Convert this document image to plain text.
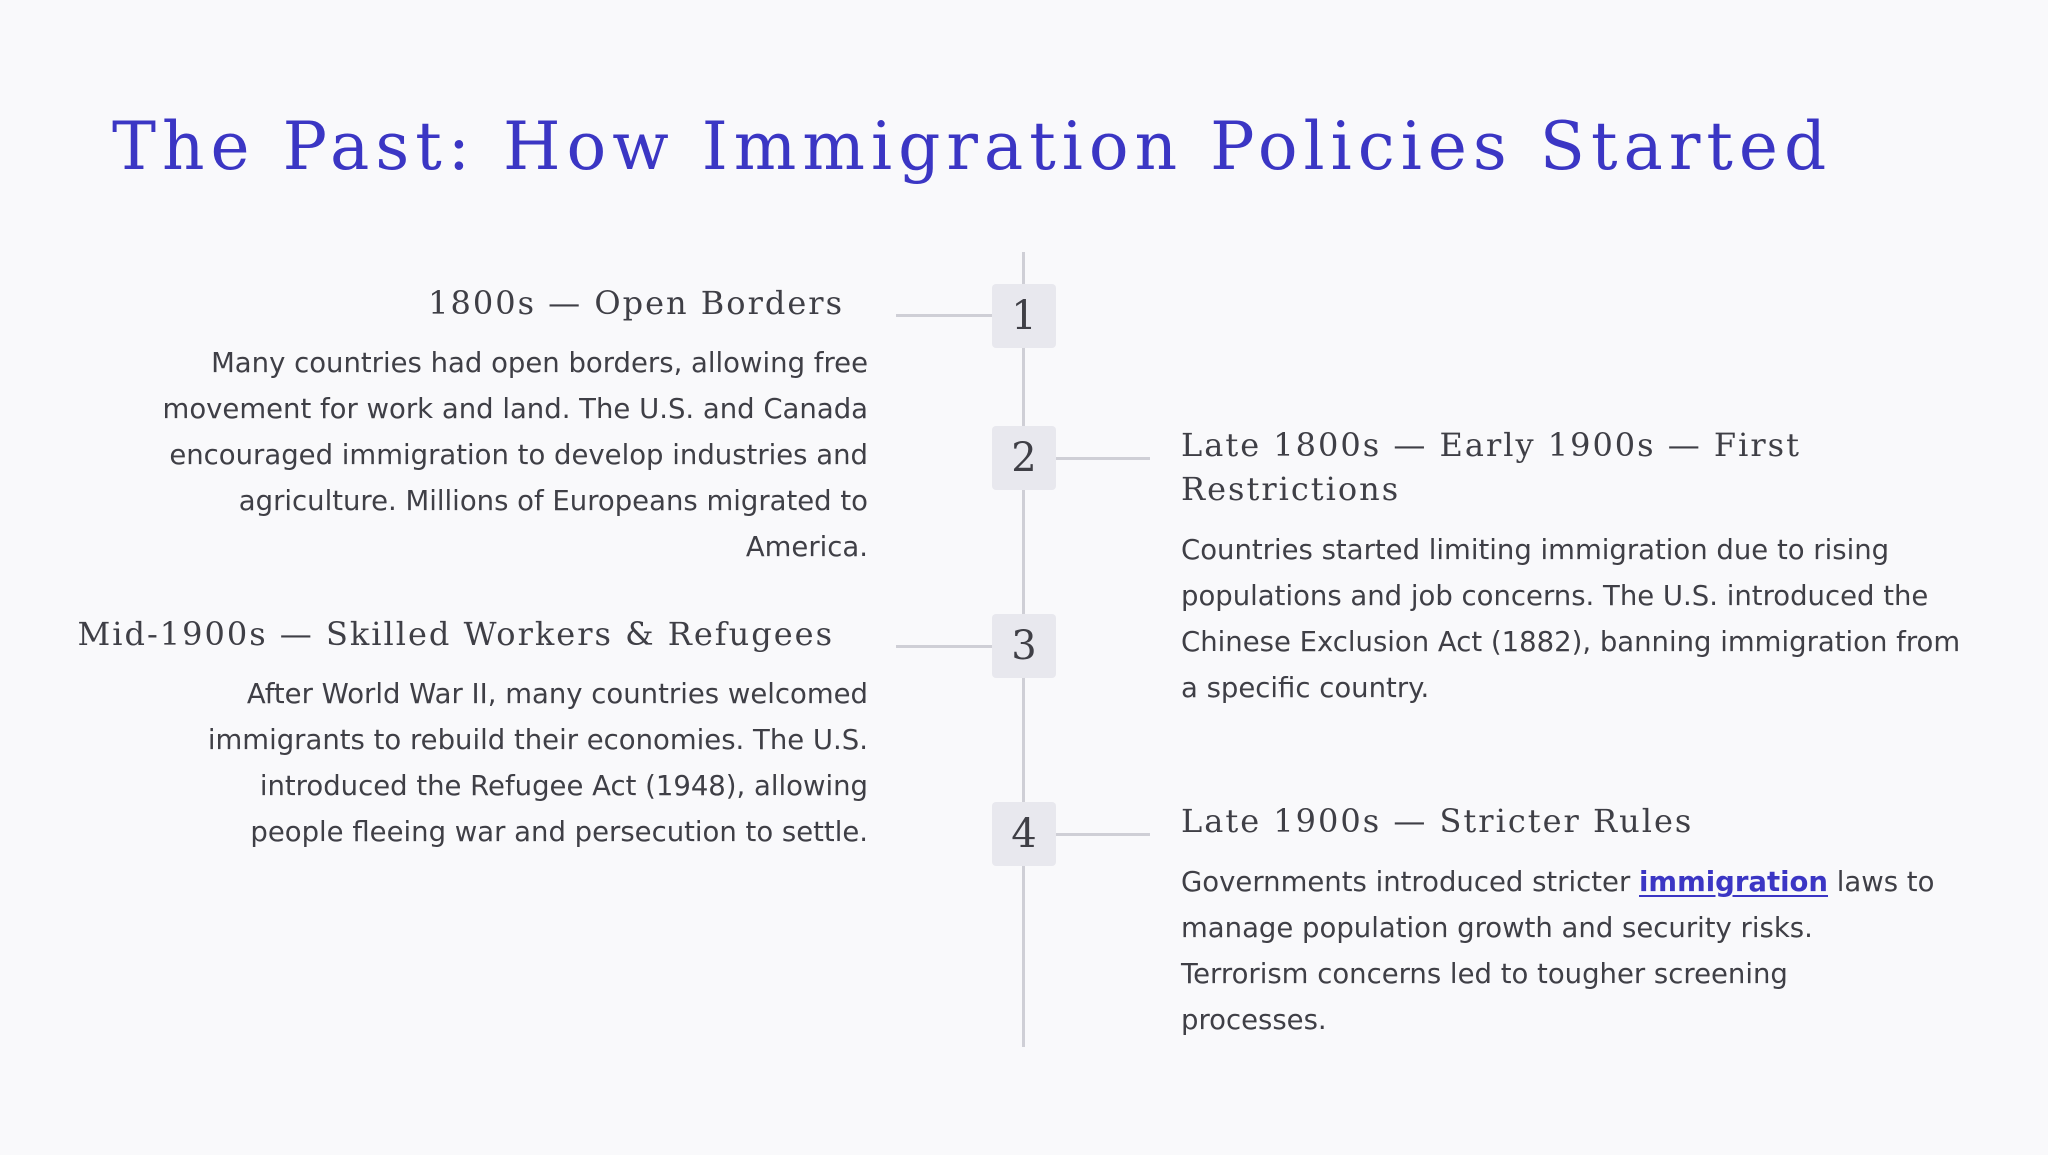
The Past: How Immigration Policies Started
1800s — Open Borders

Many countries had open borders, allowing free movement for work and land. The U.S. and Canada encouraged immigration to develop industries and agriculture. Millions of Europeans migrated to America.

1
2	Late 1800s — Early 1900s — First Restrictions

Countries started limiting immigration due to rising populations and job concerns. The U.S. introduced the Chinese Exclusion Act (1882), banning immigration from a specific country.

Mid-1900s — Skilled Workers & Refugees

After World War II, many countries welcomed immigrants to rebuild their economies. The U.S. introduced the Refugee Act (1948), allowing people fleeing war and persecution to settle.

3
4	Late 1900s — Stricter Rules

Governments introduced stricter immigration laws to manage population growth and security risks. Terrorism concerns led to tougher screening processes.
